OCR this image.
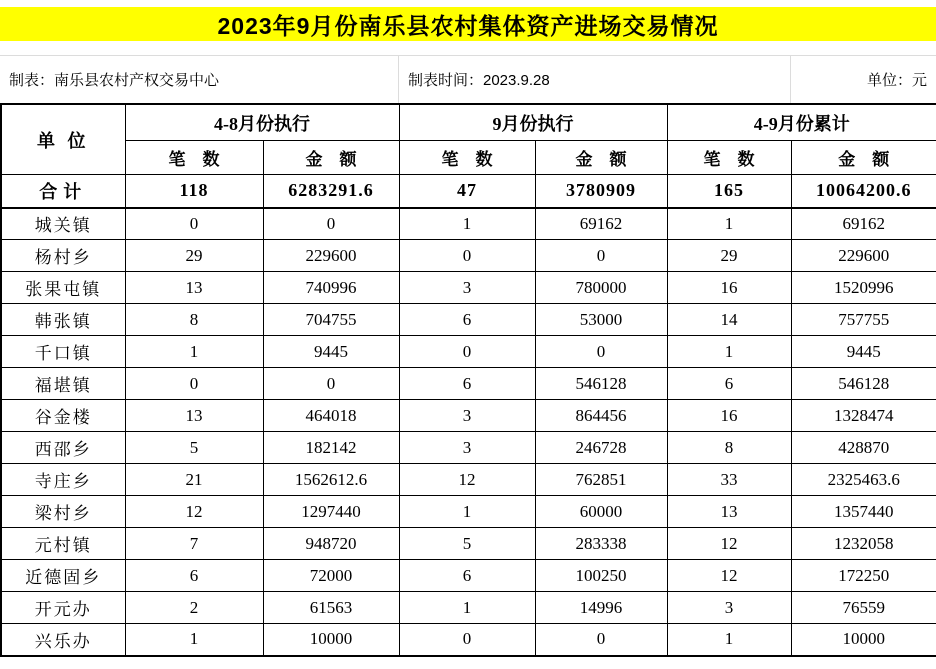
2023年9月份南乐县农村集体资产进场交易情况
制表：南乐县农村产权交易中心	制表时间：2023.9.28	单位：元
单 位	4-8月份执行		9月份执行		4-9月份累计	
	笔　数	金　额	笔　数	金　额	笔　数	金　额
合计	118	6283291.6	47	3780909	165	10064200.6
城关镇	0	0	1	69162	1	69162
杨村乡	29	229600	0	0	29	229600
张果屯镇	13	740996	3	780000	16	1520996
韩张镇	8	704755	6	53000	14	757755
千口镇	1	9445	0	0	1	9445
福堪镇	0	0	6	546128	6	546128
谷金楼	13	464018	3	864456	16	1328474
西邵乡	5	182142	3	246728	8	428870
寺庄乡	21	1562612.6	12	762851	33	2325463.6
梁村乡	12	1297440	1	60000	13	1357440
元村镇	7	948720	5	283338	12	1232058
近德固乡	6	72000	6	100250	12	172250
开元办	2	61563	1	14996	3	76559
兴乐办	1	10000	0	0	1	10000
